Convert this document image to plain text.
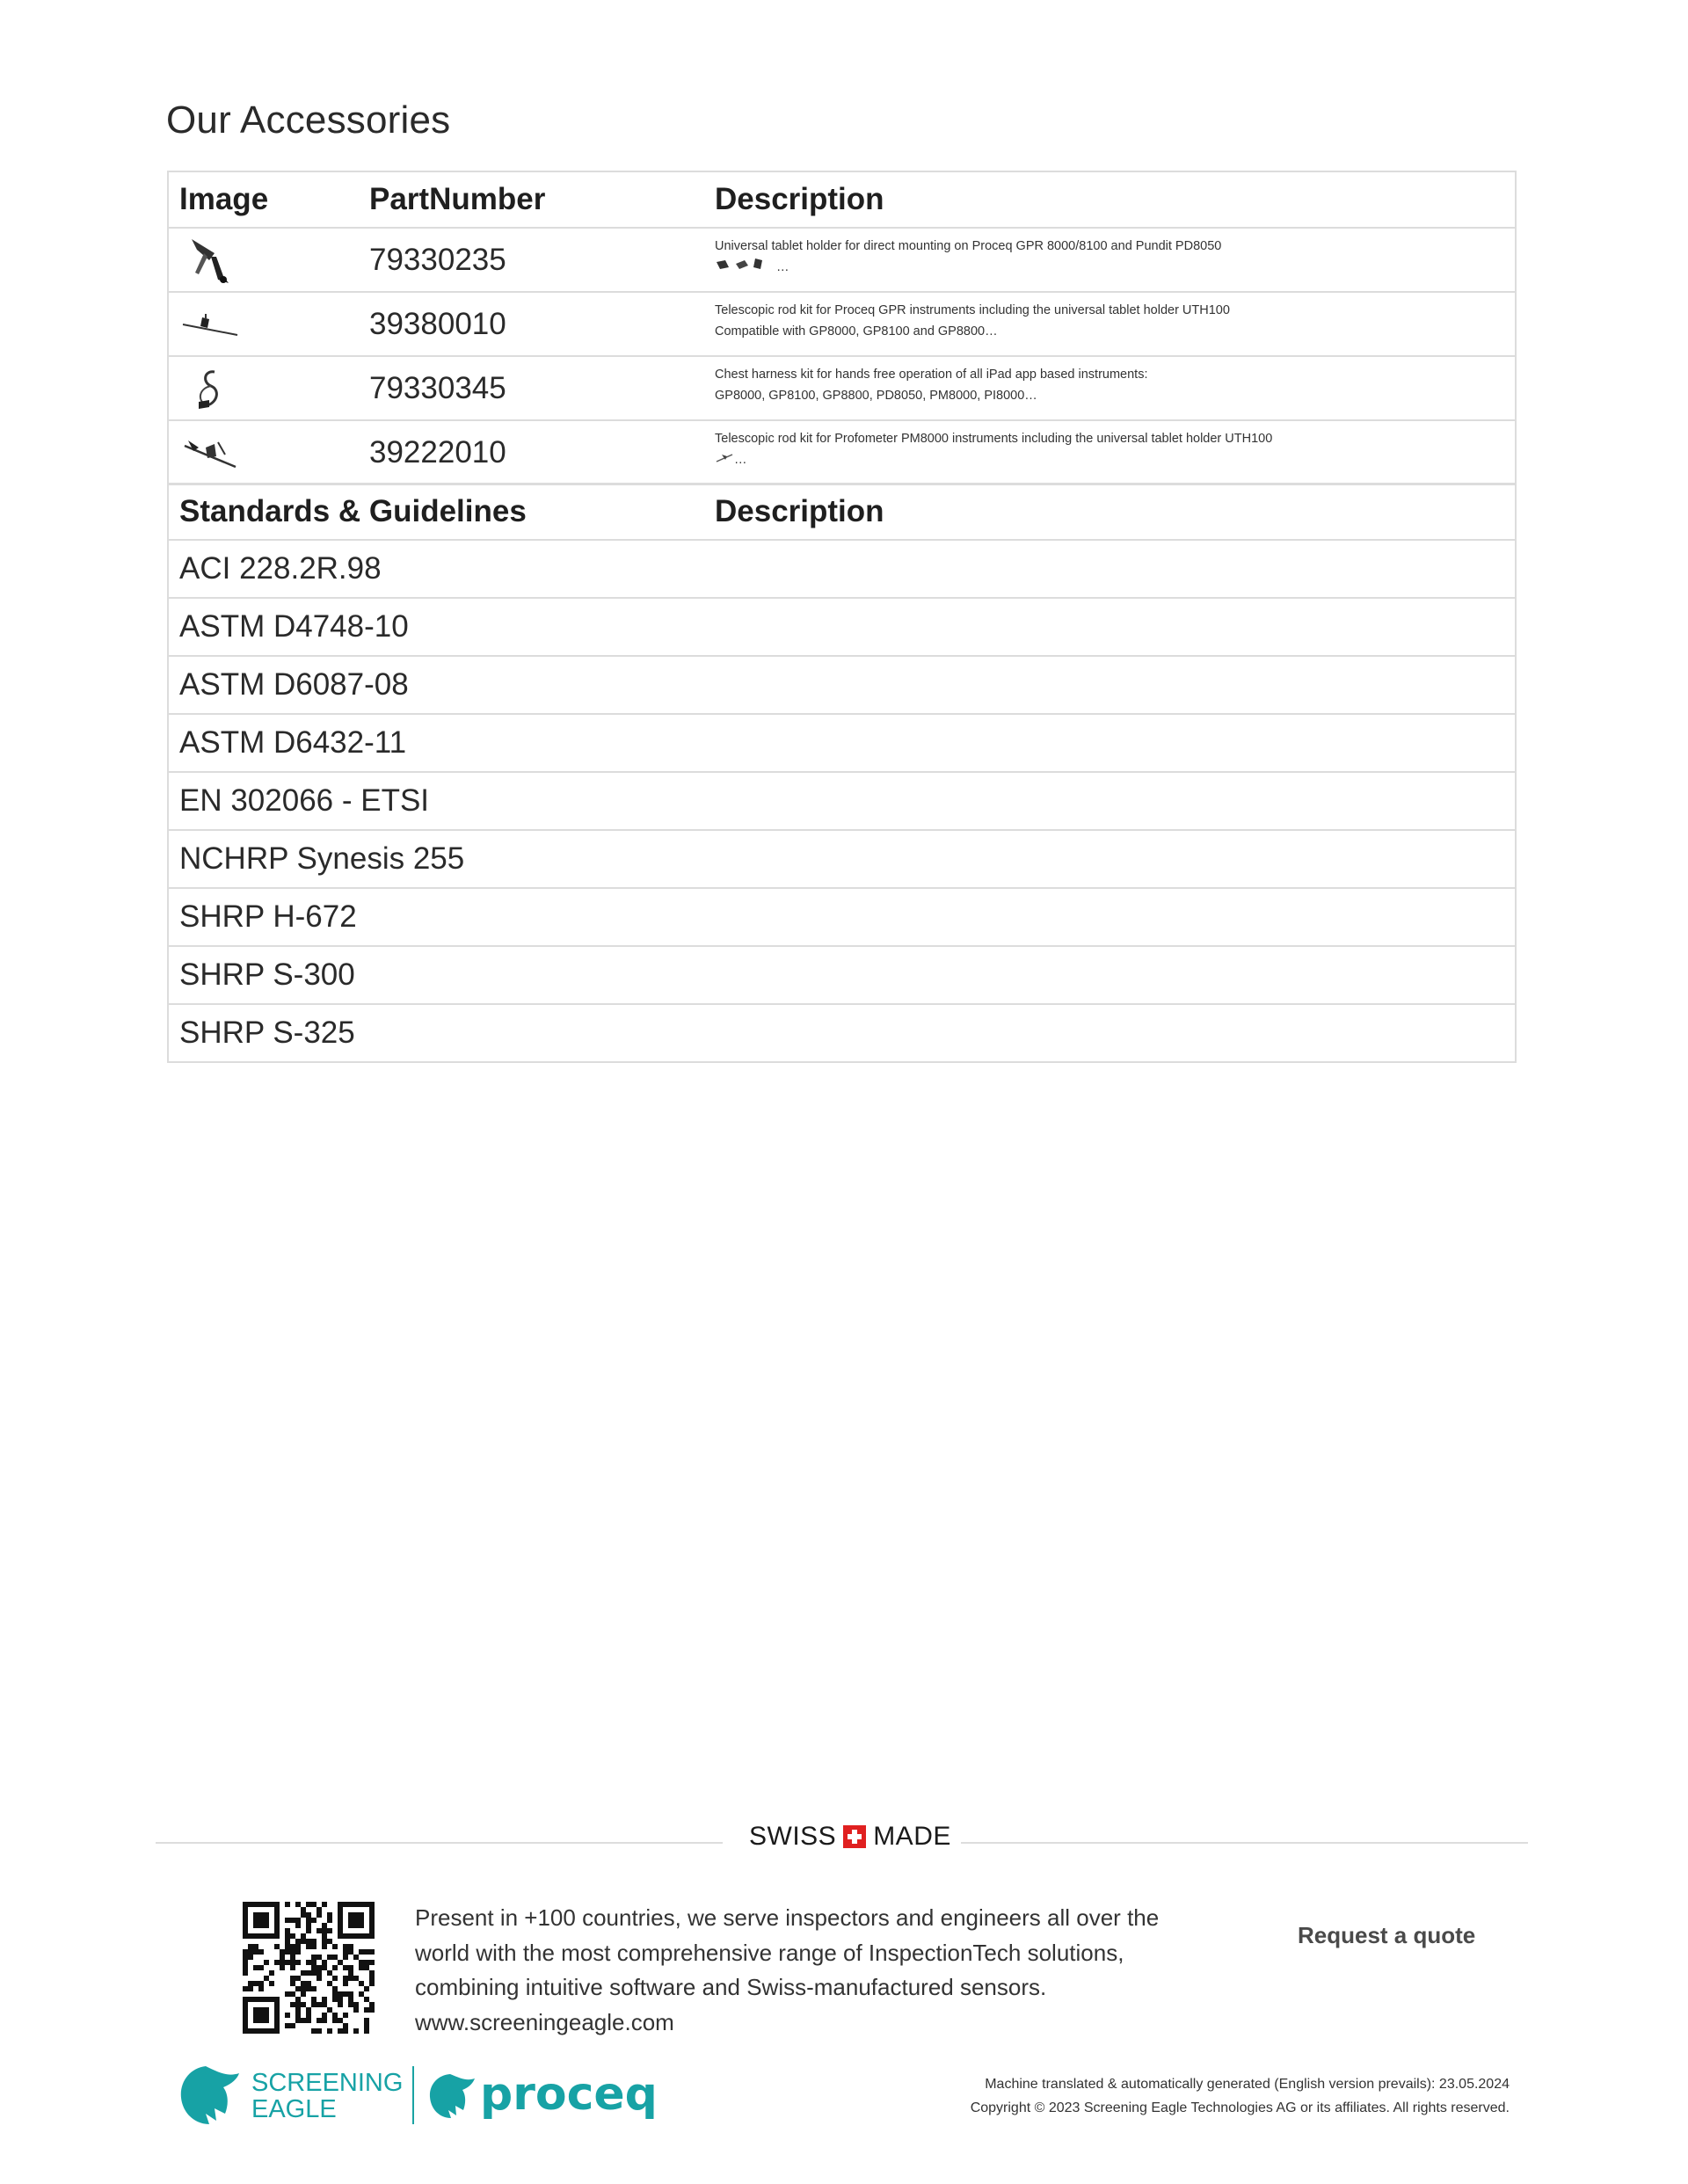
Our Accessories
Image	PartNumber	Description

	79330235	Universal tablet holder for direct mounting on Proceq GPR 8000/8100 and Pundit PD8050
…

	39380010	Telescopic rod kit for Proceq GPR instruments including the universal tablet holder UTH100
Compatible with GP8000, GP8100 and GP8800…

	79330345	Chest harness kit for hands free operation of all iPad app based instruments:
GP8000, GP8100, GP8800, PD8050, PM8000, PI8000…

	39222010	Telescopic rod kit for Profometer PM8000 instruments including the universal tablet holder UTH100
…
Standards & Guidelines	Description
ACI 228.2R.98	
ASTM D4748-10	
ASTM D6087-08	
ASTM D6432-11	
EN 302066 - ETSI	
NCHRP Synesis 255	
SHRP H-672	
SHRP S-300	
SHRP S-325	
SWISS MADE
Present in +100 countries, we serve inspectors and engineers all over the
world with the most comprehensive range of InspectionTech solutions,
combining intuitive software and Swiss-manufactured sensors.
www.screeningeagle.com
Request a quote
SCREENING
EAGLE	proceq	Machine translated & automatically generated (English version prevails): 23.05.2024
Copyright © 2023 Screening Eagle Technologies AG or its affiliates. All rights reserved.
